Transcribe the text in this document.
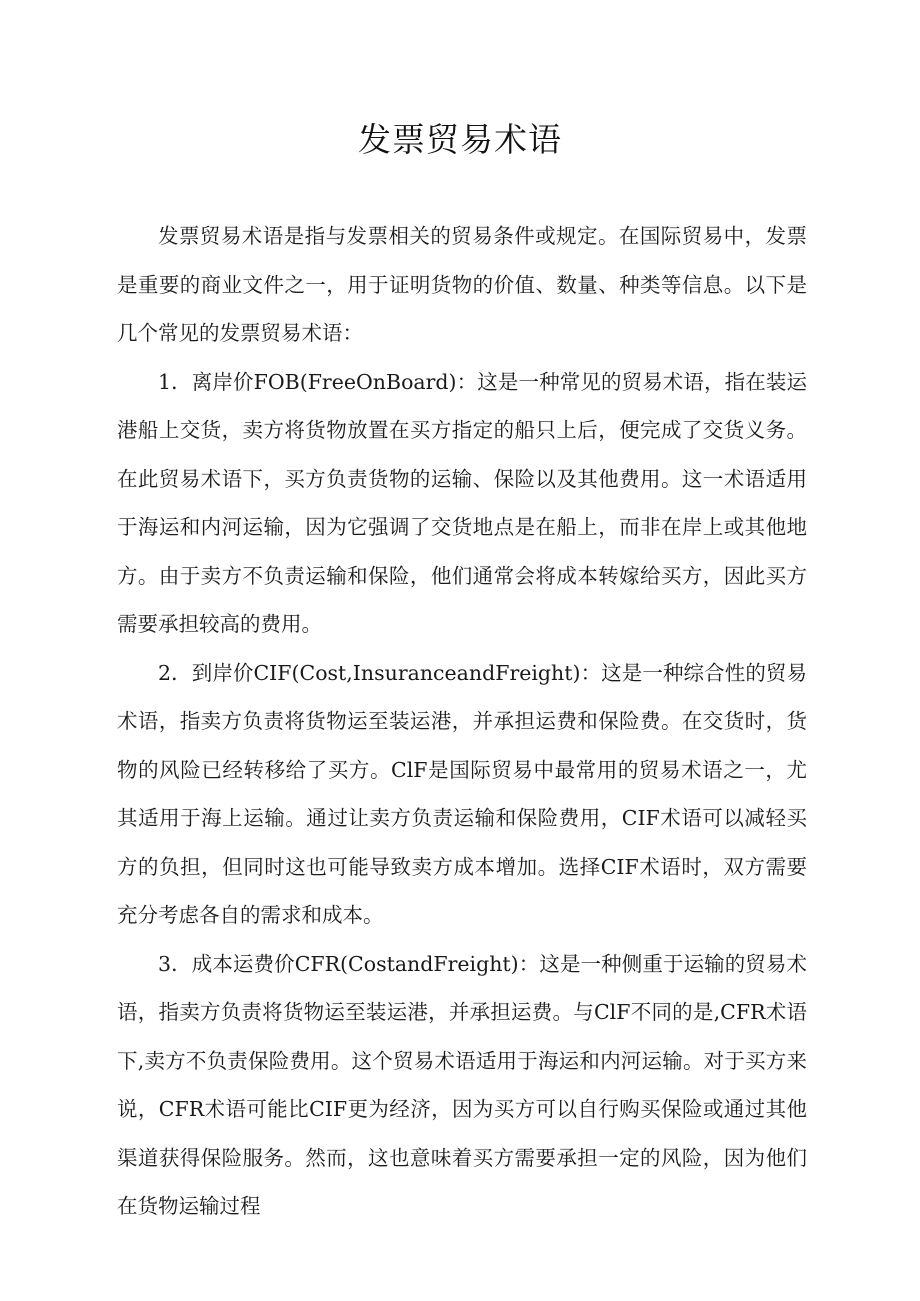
发票贸易术语

发票贸易术语是指与发票相关的贸易条件或规定。在国际贸易中，发票是重要的商业文件之一，用于证明货物的价值、数量、种类等信息。以下是几个常见的发票贸易术语：

1．离岸价FOB(FreeOnBoard)：这是一种常见的贸易术语，指在装运港船上交货，卖方将货物放置在买方指定的船只上后，便完成了交货义务。在此贸易术语下，买方负责货物的运输、保险以及其他费用。这一术语适用于海运和内河运输，因为它强调了交货地点是在船上，而非在岸上或其他地方。由于卖方不负责运输和保险，他们通常会将成本转嫁给买方，因此买方需要承担较高的费用。

2．到岸价CIF(Cost,InsuranceandFreight)：这是一种综合性的贸易术语，指卖方负责将货物运至装运港，并承担运费和保险费。在交货时，货物的风险已经转移给了买方。ClF是国际贸易中最常用的贸易术语之一，尤其适用于海上运输。通过让卖方负责运输和保险费用，CIF术语可以减轻买方的负担，但同时这也可能导致卖方成本增加。选择CIF术语时，双方需要充分考虑各自的需求和成本。

3．成本运费价CFR(CostandFreight)：这是一种侧重于运输的贸易术语，指卖方负责将货物运至装运港，并承担运费。与ClF不同的是,CFR术语下,卖方不负责保险费用。这个贸易术语适用于海运和内河运输。对于买方来说，CFR术语可能比CIF更为经济，因为买方可以自行购买保险或通过其他渠道获得保险服务。然而，这也意味着买方需要承担一定的风险，因为他们在货物运输过程
